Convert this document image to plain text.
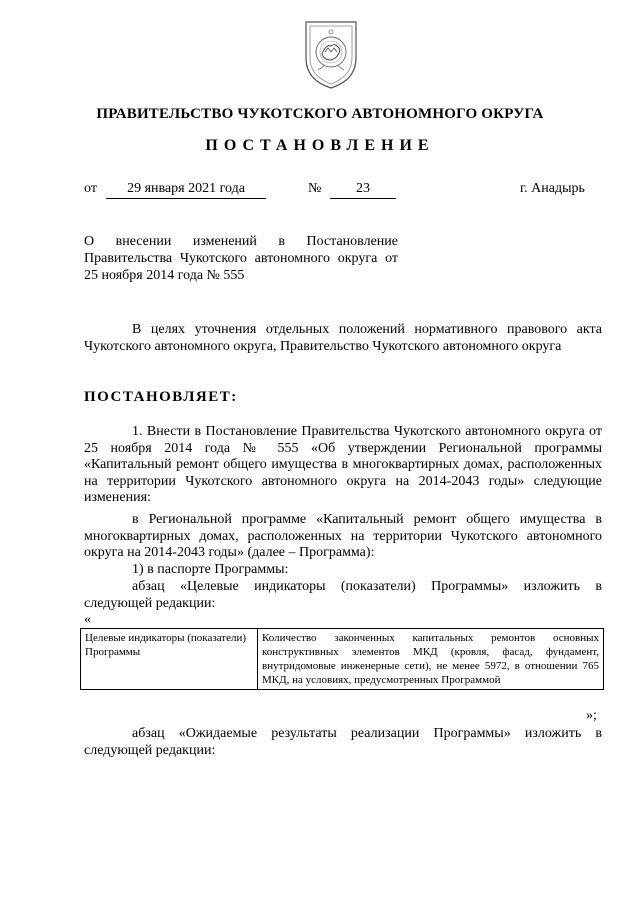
ПРАВИТЕЛЬСТВО ЧУКОТСКОГО АВТОНОМНОГО ОКРУГА
ПОСТАНОВЛЕНИЕ
от	29 января 2021 года	№	23	г. Анадырь
О внесении изменений в Постановление Правительства Чукотского автономного округа от 25 ноября 2014 года № 555
В целях уточнения отдельных положений нормативного правового акта Чукотского автономного округа, Правительство Чукотского автономного округа
ПОСТАНОВЛЯЕТ:
1. Внести в Постановление Правительства Чукотского автономного округа от 25 ноября 2014 года № 555 «Об утверждении Региональной программы «Капитальный ремонт общего имущества в многоквартирных домах, расположенных на территории Чукотского автономного округа на 2014-2043 годы» следующие изменения:
в Региональной программе «Капитальный ремонт общего имущества в многоквартирных домах, расположенных на территории Чукотского автономного округа на 2014-2043 годы» (далее – Программа):
1) в паспорте Программы:
абзац «Целевые индикаторы (показатели) Программы» изложить в следующей редакции:
«
Целевые индикаторы (показатели) Программы	Количество законченных капитальных ремонтов основных конструктивных элементов МКД (кровля, фасад, фундамент, внутридомовые инженерные сети), не менее 5972, в отношении 765 МКД, на условиях, предусмотренных Программой
»;
абзац «Ожидаемые результаты реализации Программы» изложить в следующей редакции:
